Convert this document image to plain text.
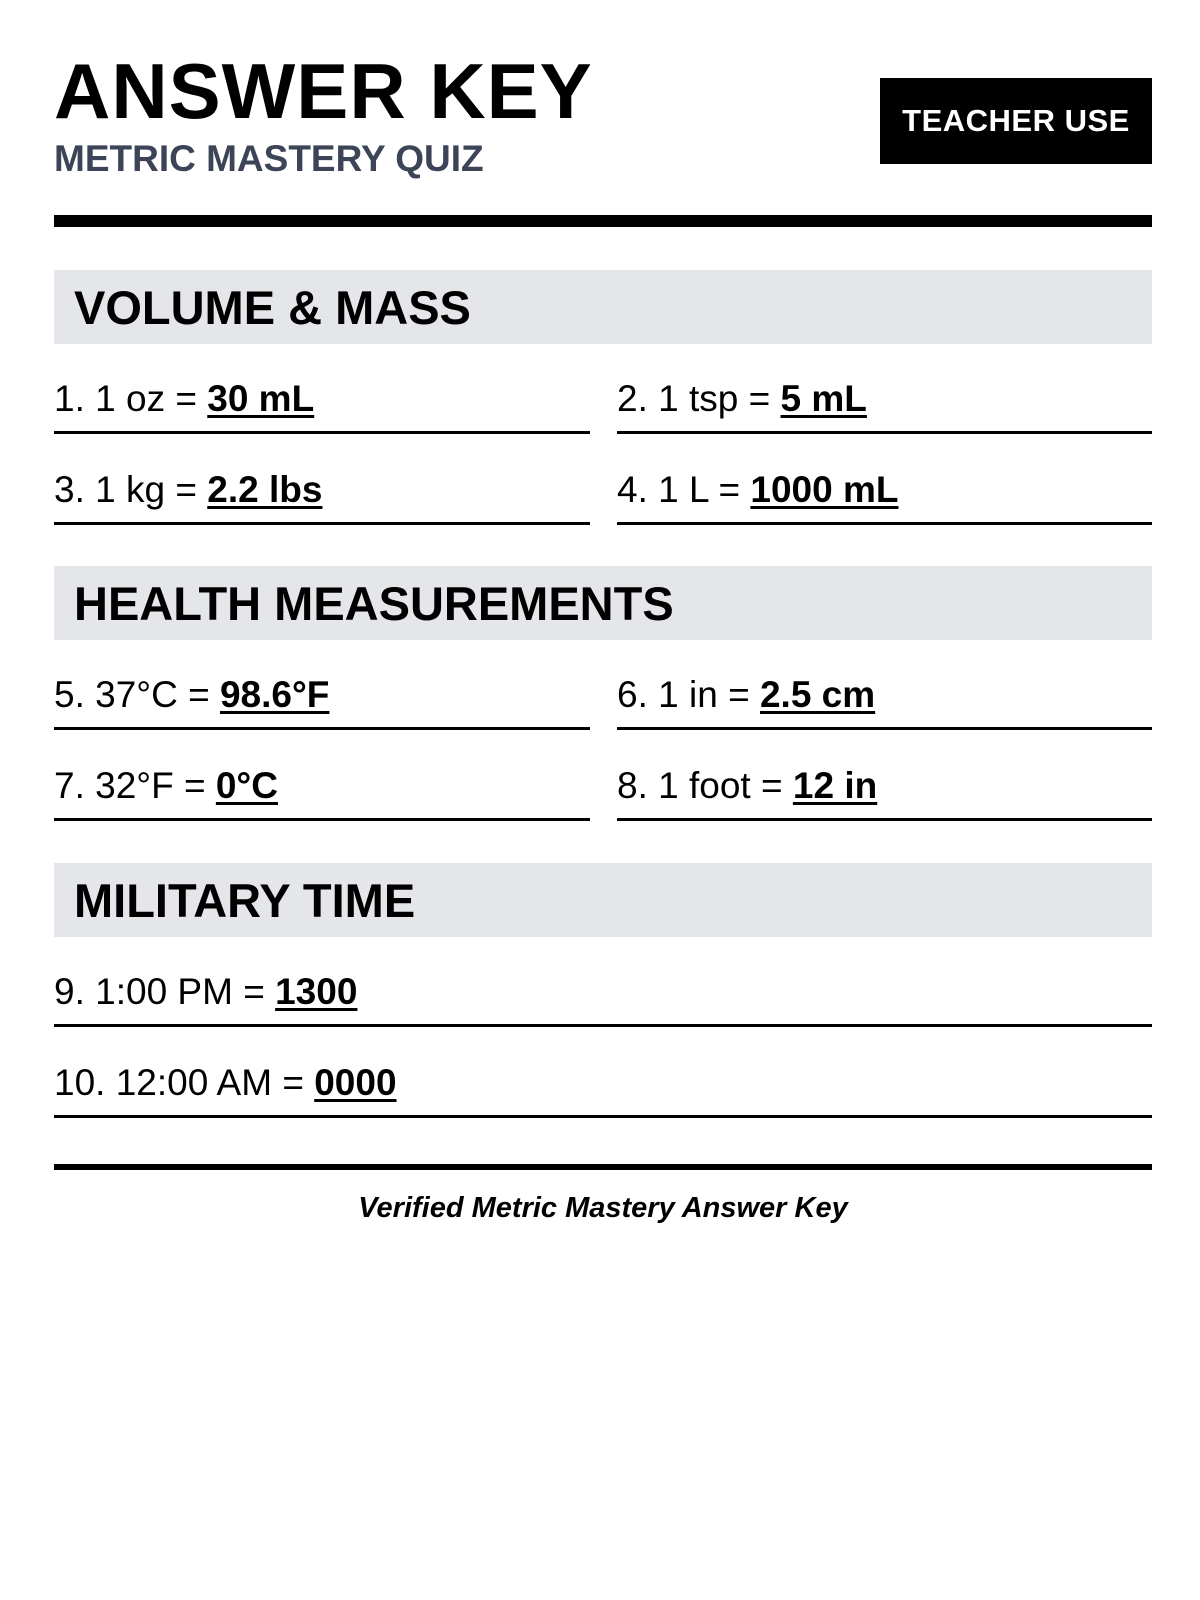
ANSWER KEY
METRIC MASTERY QUIZ
TEACHER USE
VOLUME & MASS
1. 1 oz = 30 mL	2. 1 tsp = 5 mL
3. 1 kg = 2.2 lbs	4. 1 L = 1000 mL
HEALTH MEASUREMENTS
5. 37°C = 98.6°F	6. 1 in = 2.5 cm
7. 32°F = 0°C	8. 1 foot = 12 in
MILITARY TIME
9. 1:00 PM = 1300
10. 12:00 AM = 0000
Verified Metric Mastery Answer Key
